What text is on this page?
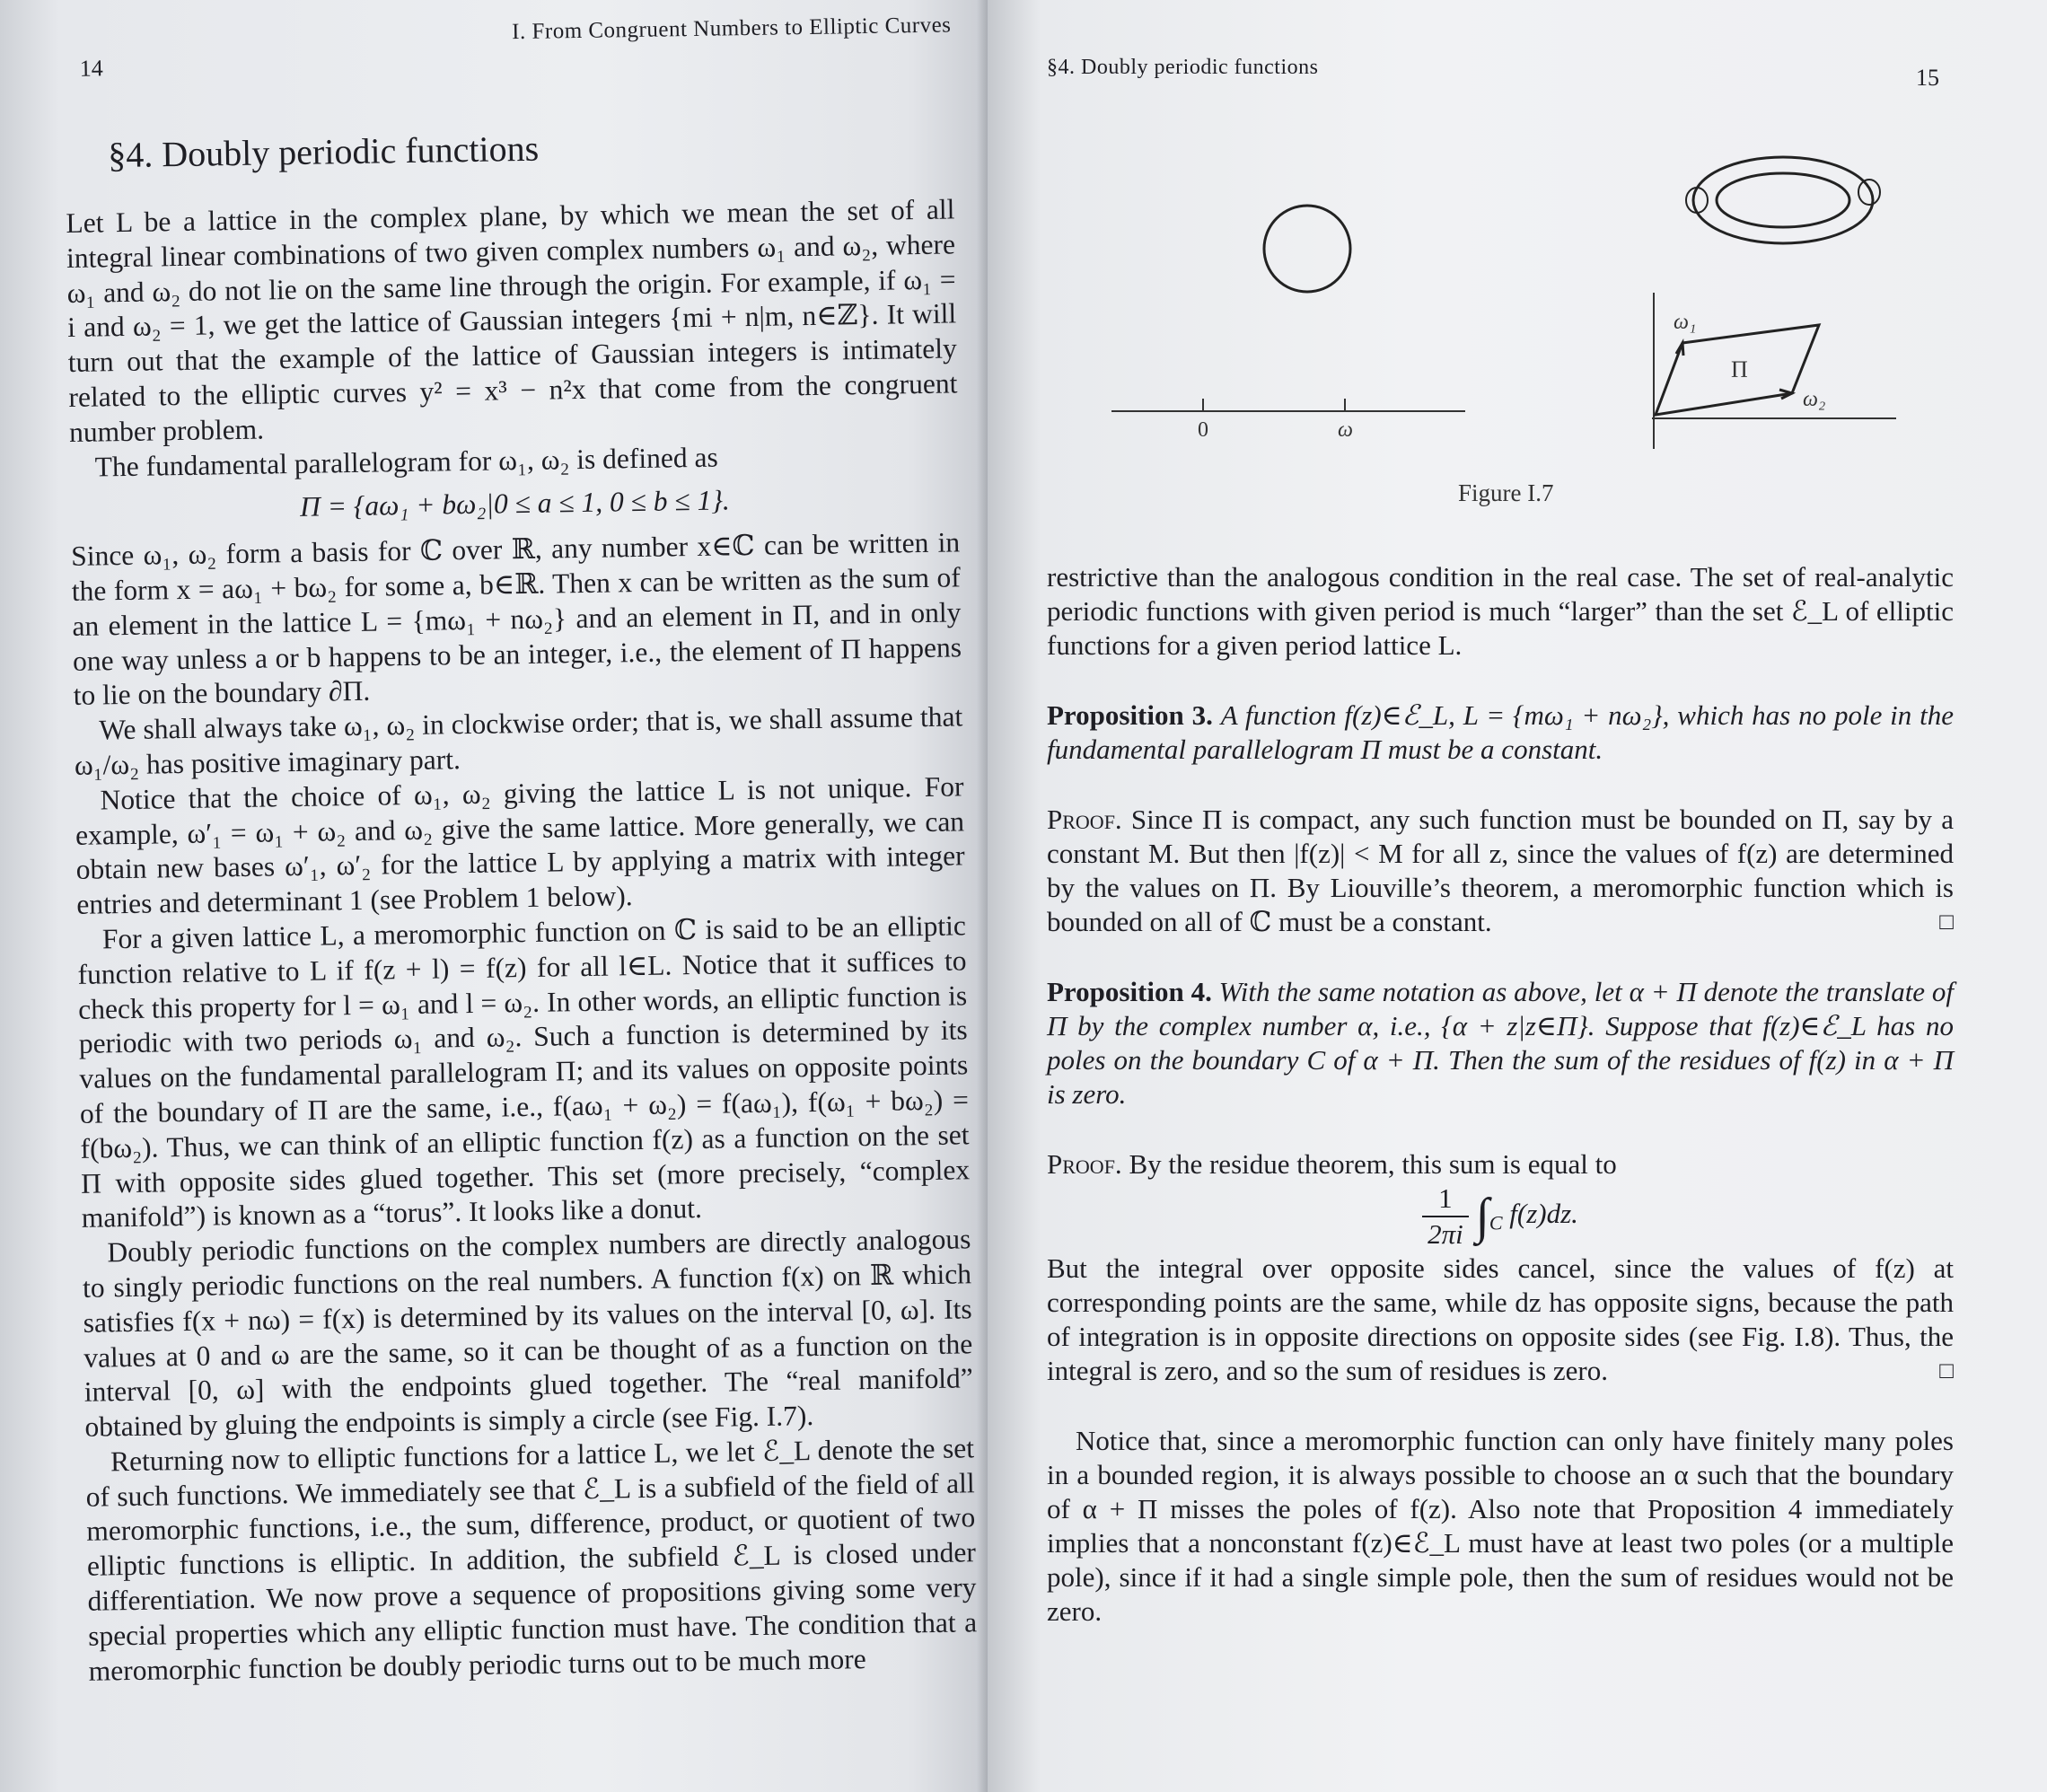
I. From Congruent Numbers to Elliptic Curves
14
§4. Doubly periodic functions

Let L be a lattice in the complex plane, by which we mean the set of all integral linear combinations of two given complex numbers ω₁ and ω₂, where ω₁ and ω₂ do not lie on the same line through the origin. For example, if ω₁ = i and ω₂ = 1, we get the lattice of Gaussian integers {mi + n|m, n∈ℤ}. It will turn out that the example of the lattice of Gaussian integers is intimately related to the elliptic curves y² = x³ − n²x that come from the congruent number problem.

The fundamental parallelogram for ω₁, ω₂ is defined as

Π = {aω₁ + bω₂|0 ≤ a ≤ 1, 0 ≤ b ≤ 1}.

Since ω₁, ω₂ form a basis for ℂ over ℝ, any number x∈ℂ can be written in the form x = aω₁ + bω₂ for some a, b∈ℝ. Then x can be written as the sum of an element in the lattice L = {mω₁ + nω₂} and an element in Π, and in only one way unless a or b happens to be an integer, i.e., the element of Π happens to lie on the boundary ∂Π.

We shall always take ω₁, ω₂ in clockwise order; that is, we shall assume that ω₁/ω₂ has positive imaginary part.

Notice that the choice of ω₁, ω₂ giving the lattice L is not unique. For example, ω′₁ = ω₁ + ω₂ and ω₂ give the same lattice. More generally, we can obtain new bases ω′₁, ω′₂ for the lattice L by applying a matrix with integer entries and determinant 1 (see Problem 1 below).

For a given lattice L, a meromorphic function on ℂ is said to be an elliptic function relative to L if f(z + l) = f(z) for all l∈L. Notice that it suffices to check this property for l = ω₁ and l = ω₂. In other words, an elliptic function is periodic with two periods ω₁ and ω₂. Such a function is determined by its values on the fundamental parallelogram Π; and its values on opposite points of the boundary of Π are the same, i.e., f(aω₁ + ω₂) = f(aω₁), f(ω₁ + bω₂) = f(bω₂). Thus, we can think of an elliptic function f(z) as a function on the set Π with opposite sides glued together. This set (more precisely, “complex manifold”) is known as a “torus”. It looks like a donut.

Doubly periodic functions on the complex numbers are directly analogous to singly periodic functions on the real numbers. A function f(x) on ℝ which satisfies f(x + nω) = f(x) is determined by its values on the interval [0, ω]. Its values at 0 and ω are the same, so it can be thought of as a function on the interval [0, ω] with the endpoints glued together. The “real manifold” obtained by gluing the endpoints is simply a circle (see Fig. I.7).

Returning now to elliptic functions for a lattice L, we let ℰ_L denote the set of such functions. We immediately see that ℰ_L is a subfield of the field of all meromorphic functions, i.e., the sum, difference, product, or quotient of two elliptic functions is elliptic. In addition, the subfield ℰ_L is closed under differentiation. We now prove a sequence of propositions giving some very special properties which any elliptic function must have. The condition that a meromorphic function be doubly periodic turns out to be much more

§4. Doubly periodic functions	15
0	ω
ω₁
ω₂
Π
Figure I.7

restrictive than the analogous condition in the real case. The set of real-analytic periodic functions with given period is much “larger” than the set ℰ_L of elliptic functions for a given period lattice L.

Proposition 3. A function f(z)∈ℰ_L, L = {mω₁ + nω₂}, which has no pole in the fundamental parallelogram Π must be a constant.

Proof. Since Π is compact, any such function must be bounded on Π, say by a constant M. But then |f(z)| < M for all z, since the values of f(z) are determined by the values on Π. By Liouville’s theorem, a meromorphic function which is bounded on all of ℂ must be a constant.	□

Proposition 4. With the same notation as above, let α + Π denote the translate of Π by the complex number α, i.e., {α + z|z∈Π}. Suppose that f(z)∈ℰ_L has no poles on the boundary C of α + Π. Then the sum of the residues of f(z) in α + Π is zero.

Proof. By the residue theorem, this sum is equal to

$\frac{1}{2\pi i} \int_C$ f(z)dz.

But the integral over opposite sides cancel, since the values of f(z) at corresponding points are the same, while dz has opposite signs, because the path of integration is in opposite directions on opposite sides (see Fig. I.8). Thus, the integral is zero, and so the sum of residues is zero.	□

Notice that, since a meromorphic function can only have finitely many poles in a bounded region, it is always possible to choose an α such that the boundary of α + Π misses the poles of f(z). Also note that Proposition 4 immediately implies that a nonconstant f(z)∈ℰ_L must have at least two poles (or a multiple pole), since if it had a single simple pole, then the sum of residues would not be zero.
